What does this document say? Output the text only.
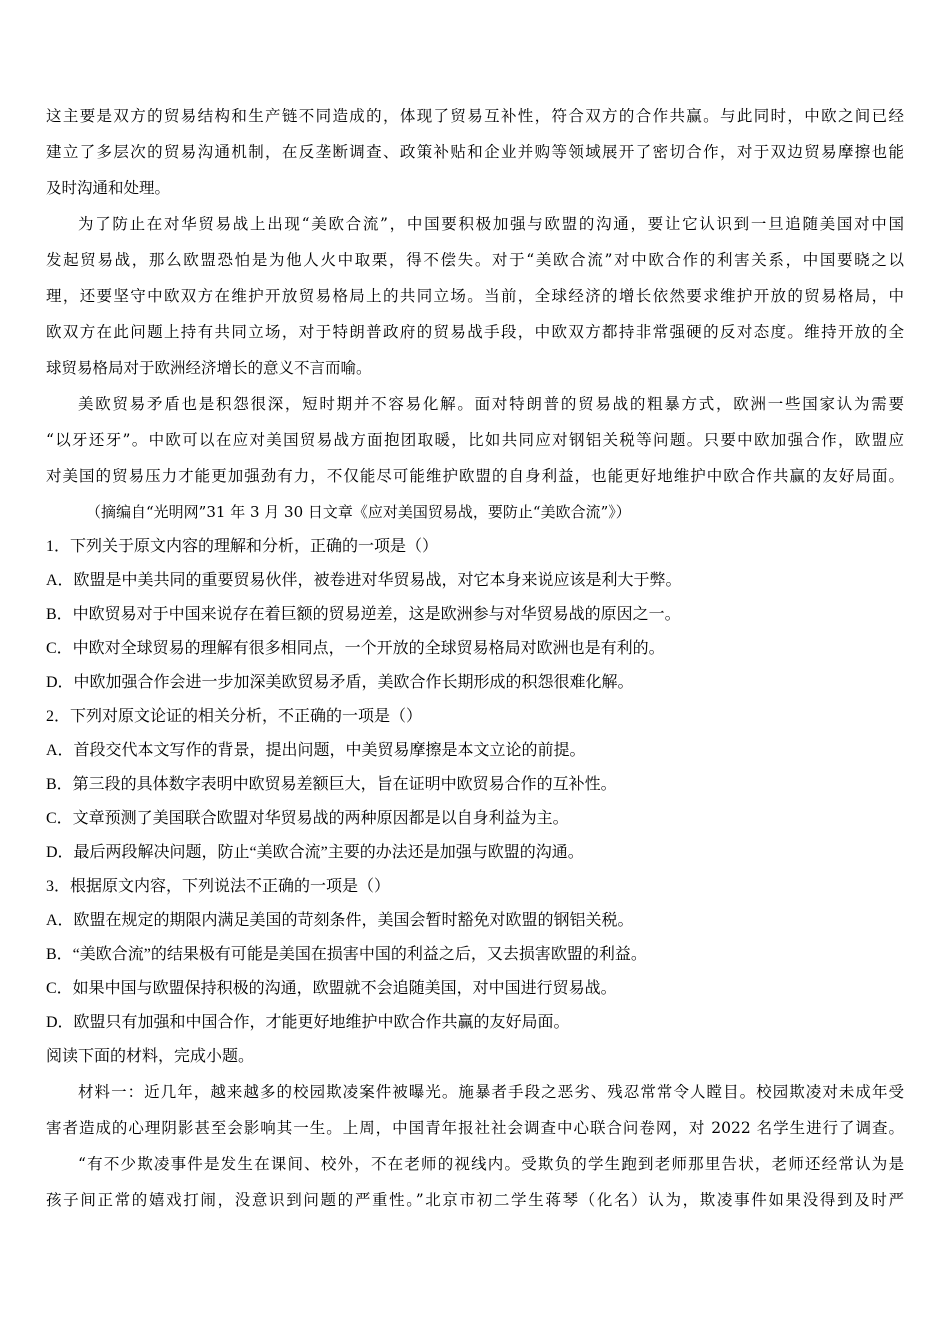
这主要是双方的贸易结构和生产链不同造成的，体现了贸易互补性，符合双方的合作共赢。与此同时，中欧之间已经
建立了多层次的贸易沟通机制，在反垄断调查、政策补贴和企业并购等领域展开了密切合作，对于双边贸易摩擦也能
及时沟通和处理。
为了防止在对华贸易战上出现“美欧合流”，中国要积极加强与欧盟的沟通，要让它认识到一旦追随美国对中国
发起贸易战，那么欧盟恐怕是为他人火中取栗，得不偿失。对于“美欧合流”对中欧合作的利害关系，中国要晓之以
理，还要坚守中欧双方在维护开放贸易格局上的共同立场。当前，全球经济的增长依然要求维护开放的贸易格局，中
欧双方在此问题上持有共同立场，对于特朗普政府的贸易战手段，中欧双方都持非常强硬的反对态度。维持开放的全
球贸易格局对于欧洲经济增长的意义不言而喻。
美欧贸易矛盾也是积怨很深，短时期并不容易化解。面对特朗普的贸易战的粗暴方式，欧洲一些国家认为需要
“以牙还牙”。中欧可以在应对美国贸易战方面抱团取暖，比如共同应对钢铝关税等问题。只要中欧加强合作，欧盟应
对美国的贸易压力才能更加强劲有力，不仅能尽可能维护欧盟的自身利益，也能更好地维护中欧合作共赢的友好局面。
（摘编自“光明网”31 年 3 月 30 日文章《应对美国贸易战，要防止“美欧合流”》）
1．下列关于原文内容的理解和分析，正确的一项是（）
A．欧盟是中美共同的重要贸易伙伴，被卷进对华贸易战，对它本身来说应该是利大于弊。
B．中欧贸易对于中国来说存在着巨额的贸易逆差，这是欧洲参与对华贸易战的原因之一。
C．中欧对全球贸易的理解有很多相同点，一个开放的全球贸易格局对欧洲也是有利的。
D．中欧加强合作会进一步加深美欧贸易矛盾，美欧合作长期形成的积怨很难化解。
2．下列对原文论证的相关分析，不正确的一项是（）
A．首段交代本文写作的背景，提出问题，中美贸易摩擦是本文立论的前提。
B．第三段的具体数字表明中欧贸易差额巨大，旨在证明中欧贸易合作的互补性。
C．文章预测了美国联合欧盟对华贸易战的两种原因都是以自身利益为主。
D．最后两段解决问题，防止“美欧合流”主要的办法还是加强与欧盟的沟通。
3．根据原文内容，下列说法不正确的一项是（）
A．欧盟在规定的期限内满足美国的苛刻条件，美国会暂时豁免对欧盟的钢铝关税。
B．“美欧合流”的结果极有可能是美国在损害中国的利益之后，又去损害欧盟的利益。
C．如果中国与欧盟保持积极的沟通，欧盟就不会追随美国，对中国进行贸易战。
D．欧盟只有加强和中国合作，才能更好地维护中欧合作共赢的友好局面。
阅读下面的材料，完成小题。
材料一：近几年，越来越多的校园欺凌案件被曝光。施暴者手段之恶劣、残忍常常令人瞠目。校园欺凌对未成年受
害者造成的心理阴影甚至会影响其一生。上周，中国青年报社社会调查中心联合问卷网，对 2022 名学生进行了调查。
“有不少欺凌事件是发生在课间、校外，不在老师的视线内。受欺负的学生跑到老师那里告状，老师还经常认为是
孩子间正常的嬉戏打闹，没意识到问题的严重性。”北京市初二学生蒋琴（化名）认为，欺凌事件如果没得到及时严
